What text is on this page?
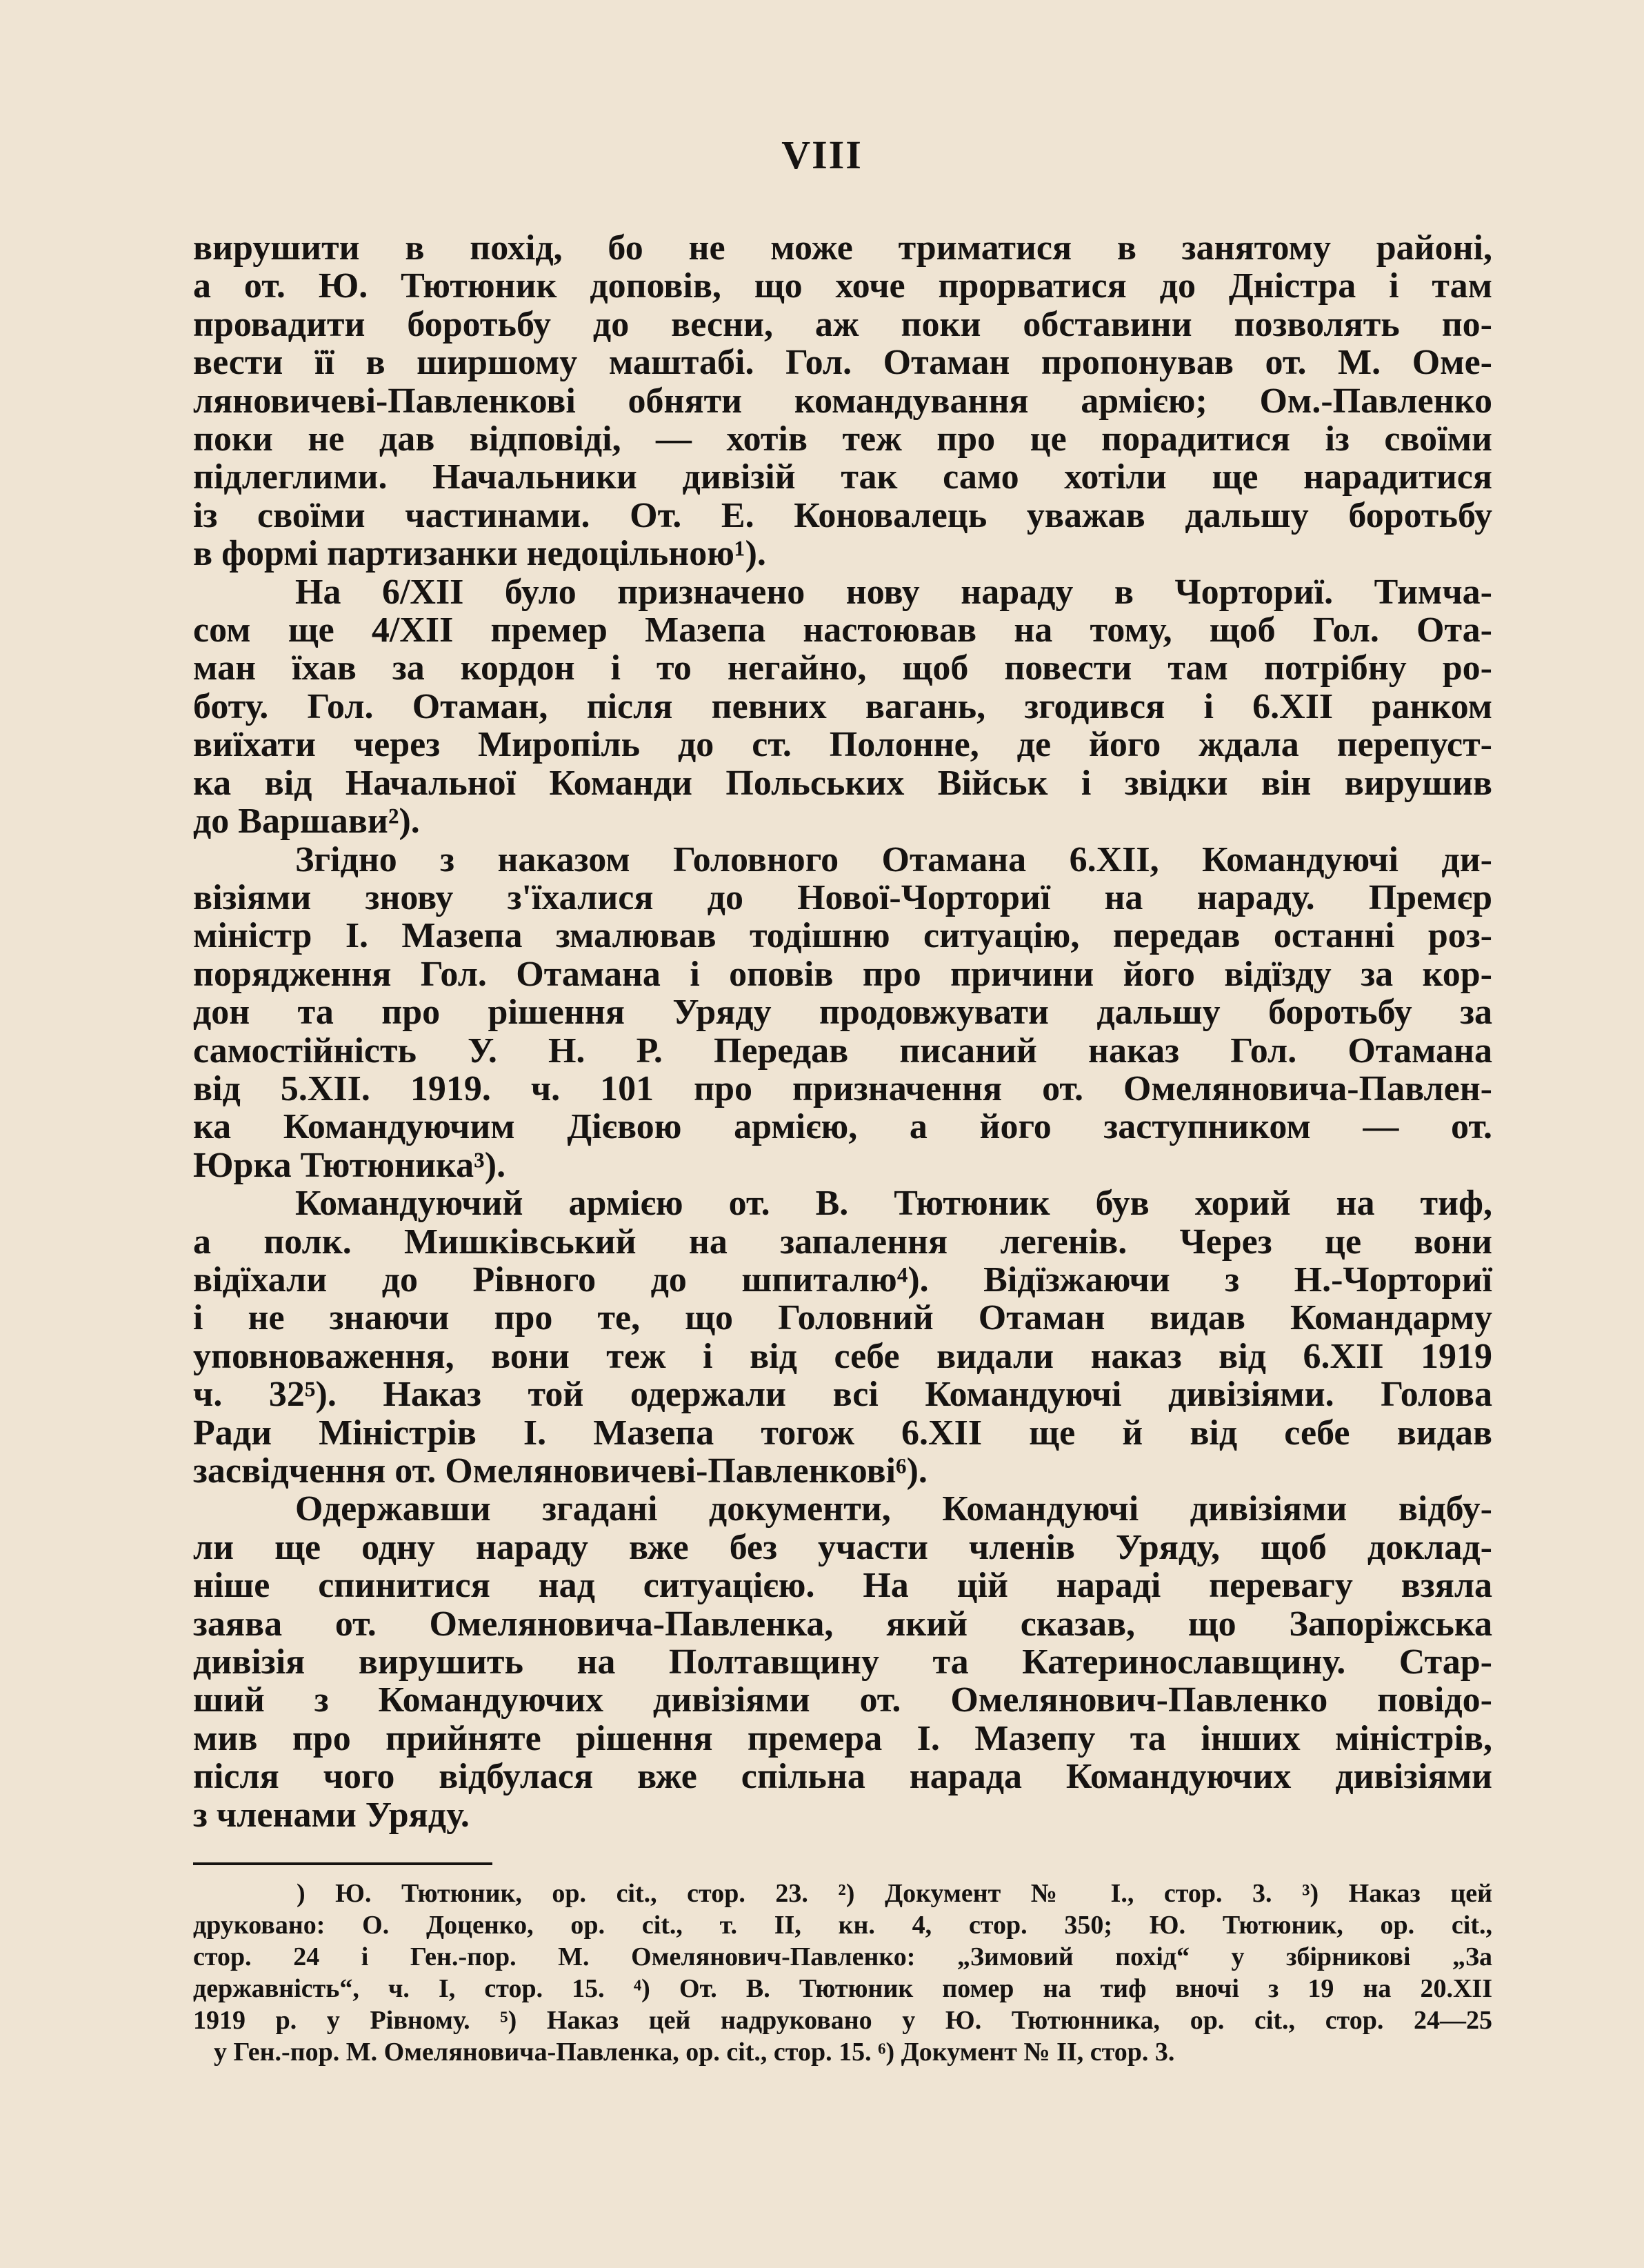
VIII

вирушити в похід, бо не може триматися в занятому районі,
а от. Ю. Тютюник доповів, що хоче прорватися до Дністра і там
провадити боротьбу до весни, аж поки обставини позволять по-
вести її в ширшому маштабі. Гол. Отаман пропонував от. М. Оме-
ляновичеві-Павленкові обняти командування армією; Ом.-Павленко
поки не дав відповіді, — хотів теж про це порадитися із своїми
підлеглими. Начальники дивізій так само хотіли ще нарадитися
із своїми частинами. От. Е. Коновалець уважав дальшу боротьбу
в формі партизанки недоцільною¹).

На 6/XII було призначено нову нараду в Чорториї. Тимча-
сом ще 4/XII премер Мазепа настоював на тому, щоб Гол. Ота-
ман їхав за кордон і то негайно, щоб повести там потрібну ро-
боту. Гол. Отаман, після певних вагань, згодився і 6.XII ранком
виїхати через Миропіль до ст. Полонне, де його ждала перепуст-
ка від Начальної Команди Польських Військ і звідки він вирушив
до Варшави²).

Згідно з наказом Головного Отамана 6.XII, Командуючі ди-
візіями знову з'їхалися до Нової-Чорториї на нараду. Премєр
міністр І. Мазепа змалював тодішню ситуацію, передав останні роз-
порядження Гол. Отамана і оповів про причини його відїзду за кор-
дон та про рішення Уряду продовжувати дальшу боротьбу за
самостійність У. Н. Р. Передав писаний наказ Гол. Отамана
від 5.XII. 1919. ч. 101 про призначення от. Омеляновича-Павлен-
ка Командуючим Дієвою армією, а його заступником — от.
Юрка Тютюника³).

Командуючий армією от. В. Тютюник був хорий на тиф,
а полк. Мишківський на запалення легенів. Через це вони
відїхали до Рівного до шпиталю⁴). Відїзжаючи з Н.-Чорториї
і не знаючи про те, що Головний Отаман видав Командарму
уповноваження, вони теж і від себе видали наказ від 6.XII 1919
ч. 32⁵). Наказ той одержали всі Командуючі дивізіями. Голова
Ради Міністрів І. Мазепа тогож 6.XII ще й від себе видав
засвідчення от. Омеляновичеві-Павленкові⁶).

Одержавши згадані документи, Командуючі дивізіями відбу-
ли ще одну нараду вже без участи членів Уряду, щоб доклад-
ніше спинитися над ситуацією. На цій нараді перевагу взяла
заява от. Омеляновича-Павленка, який сказав, що Запоріжська
дивізія вирушить на Полтавщину та Катеринославщину. Стар-
ший з Командуючих дивізіями от. Омелянович-Павленко повідо-
мив про прийняте рішення премера І. Мазепу та інших міністрів,
після чого відбулася вже спільна нарада Командуючих дивізіями
з членами Уряду.

) Ю. Тютюник, op. cit., стор. 23. ²) Документ № I., стор. 3. ³) Наказ цей
друковано: О. Доценко, op. cit., т. II, кн. 4, стор. 350; Ю. Тютюник, op. cit.,
стор. 24 і Ген.-пор. М. Омелянович-Павленко: „Зимовий похід“ у збірникові „За
державність“, ч. I, стор. 15. ⁴) От. В. Тютюник помер на тиф вночі з 19 на 20.XII
1919 р. у Рівному. ⁵) Наказ цей надруковано у Ю. Тютюнника, op. cit., стор. 24—25
у Ген.-пор. М. Омеляновича-Павленка, op. cit., стор. 15. ⁶) Документ № II, стор. 3.
